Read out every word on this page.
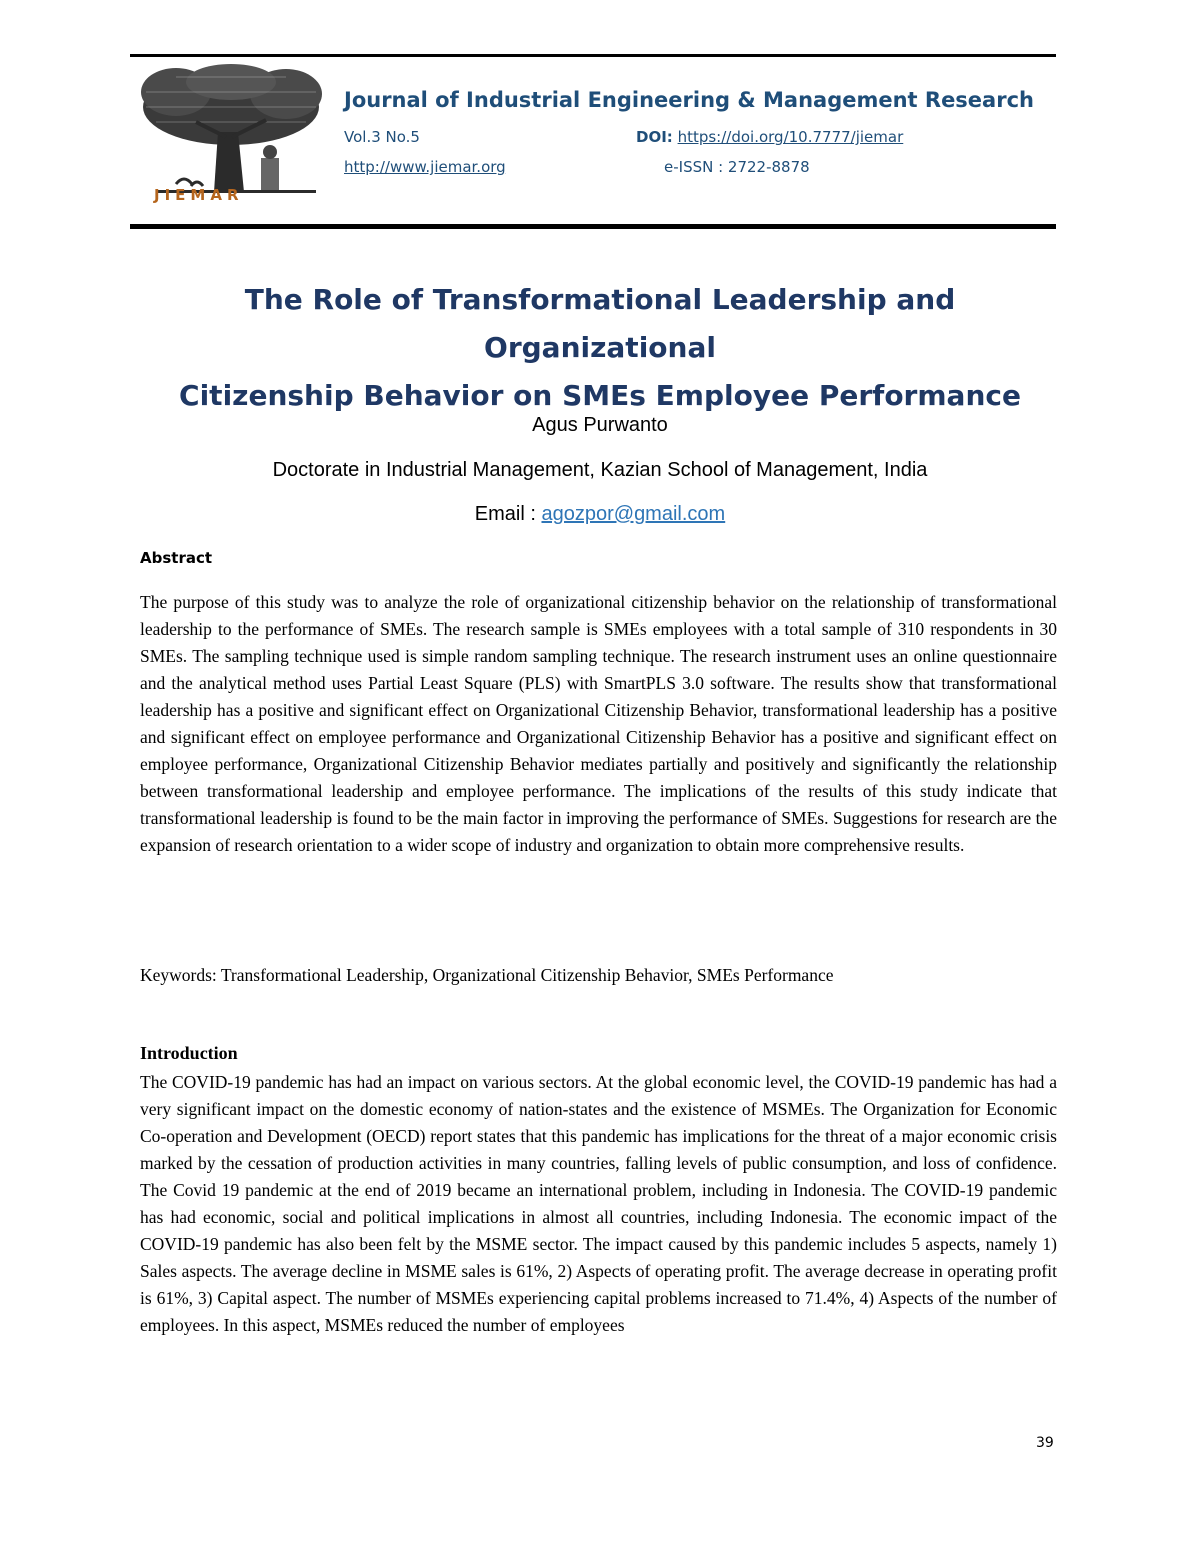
JIEMAR
Journal of Industrial Engineering & Management Research
Vol.3 No.5	DOI: https://doi.org/10.7777/jiemar
http://www.jiemar.org	e-ISSN : 2722-8878
The Role of Transformational Leadership and Organizational
Citizenship Behavior on SMEs Employee Performance
Agus Purwanto
Doctorate in Industrial Management, Kazian School of Management, India
Email : agozpor@gmail.com
Abstract

The purpose of this study was to analyze the role of organizational citizenship behavior on the relationship of transformational leadership to the performance of SMEs. The research sample is SMEs employees with a total sample of 310 respondents in 30 SMEs. The sampling technique used is simple random sampling technique. The research instrument uses an online questionnaire and the analytical method uses Partial Least Square (PLS) with SmartPLS 3.0 software. The results show that transformational leadership has a positive and significant effect on Organizational Citizenship Behavior, transformational leadership has a positive and significant effect on employee performance and Organizational Citizenship Behavior has a positive and significant effect on employee performance, Organizational Citizenship Behavior mediates partially and positively and significantly the relationship between transformational leadership and employee performance. The implications of the results of this study indicate that transformational leadership is found to be the main factor in improving the performance of SMEs. Suggestions for research are the expansion of research orientation to a wider scope of industry and organization to obtain more comprehensive results.

Keywords: Transformational Leadership, Organizational Citizenship Behavior, SMEs Performance
Introduction

The COVID-19 pandemic has had an impact on various sectors. At the global economic level, the COVID-19 pandemic has had a very significant impact on the domestic economy of nation-states and the existence of MSMEs. The Organization for Economic Co-operation and Development (OECD) report states that this pandemic has implications for the threat of a major economic crisis marked by the cessation of production activities in many countries, falling levels of public consumption, and loss of confidence. The Covid 19 pandemic at the end of 2019 became an international problem, including in Indonesia. The COVID-19 pandemic has had economic, social and political implications in almost all countries, including Indonesia. The economic impact of the COVID-19 pandemic has also been felt by the MSME sector. The impact caused by this pandemic includes 5 aspects, namely 1) Sales aspects. The average decline in MSME sales is 61%, 2) Aspects of operating profit. The average decrease in operating profit is 61%, 3) Capital aspect. The number of MSMEs experiencing capital problems increased to 71.4%, 4) Aspects of the number of employees. In this aspect, MSMEs reduced the number of employees

39
